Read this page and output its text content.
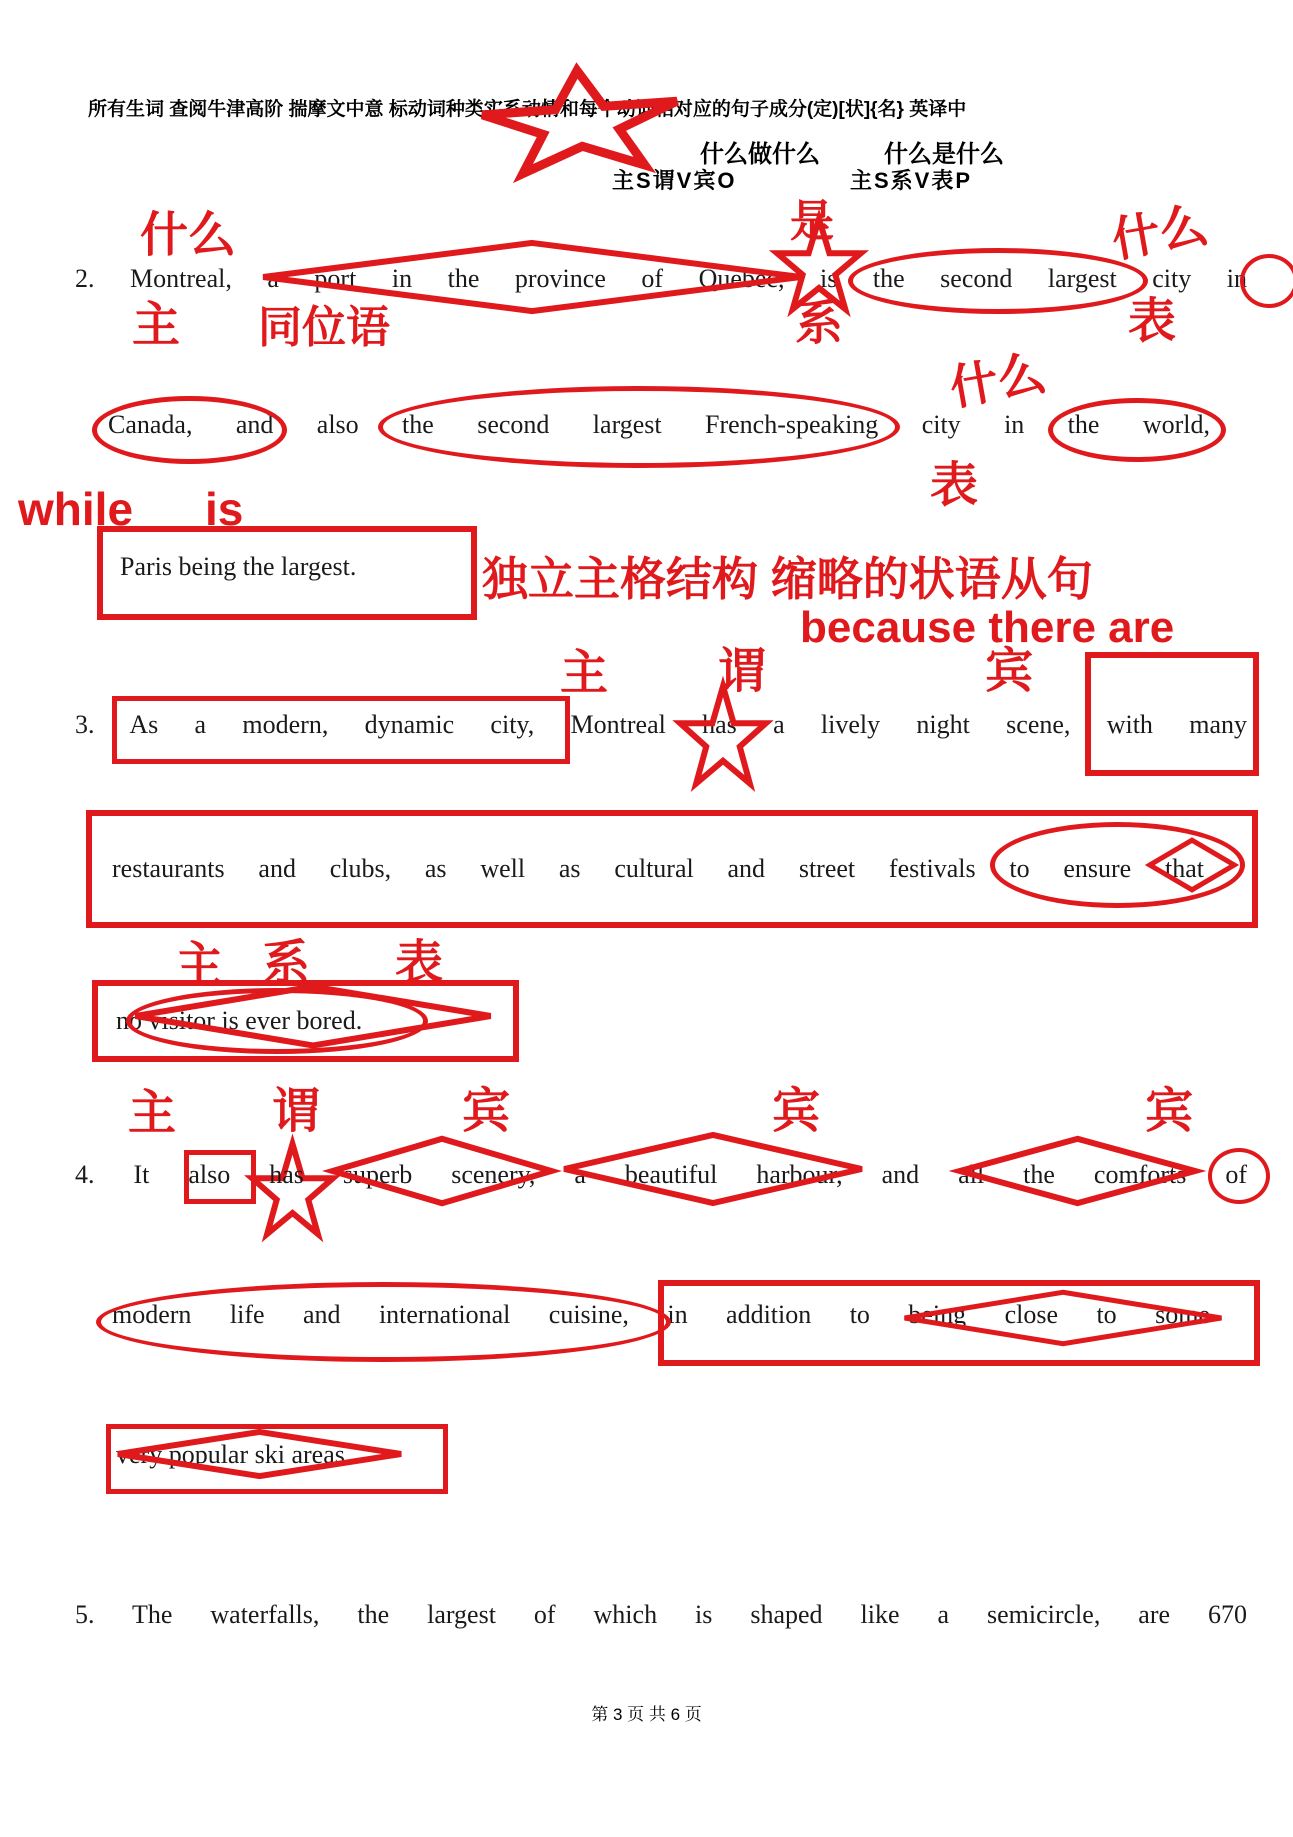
所有生词 查阅牛津高阶 揣摩文中意 标动词种类实系动情和每个动词相对应的句子成分(定)[状]{名} 英译中
什么做什么	什么是什么
主S谓V宾O	主S系V表P
什么	是	什么
2. Montreal, a port in the province of Quebec, is the second largest city in
主 同位语	系	表
Canada, and also the second largest French-speaking city in the world,
什么
表
while is
Paris being the largest.	独立主格结构 缩略的状语从句
because there are
主 谓	宾
3. As a modern, dynamic city, Montreal has a lively night scene, with many
restaurants and clubs, as well as cultural and street festivals to ensure that
主 系 表
no visitor is ever bored.
主 谓	宾	宾	宾
4. It also has superb scenery, a beautiful harbour, and all the comforts of
modern life and international cuisine, in addition to being close to some
very popular ski areas.
5. The waterfalls, the largest of which is shaped like a semicircle, are 670
第 3 页 共 6 页
